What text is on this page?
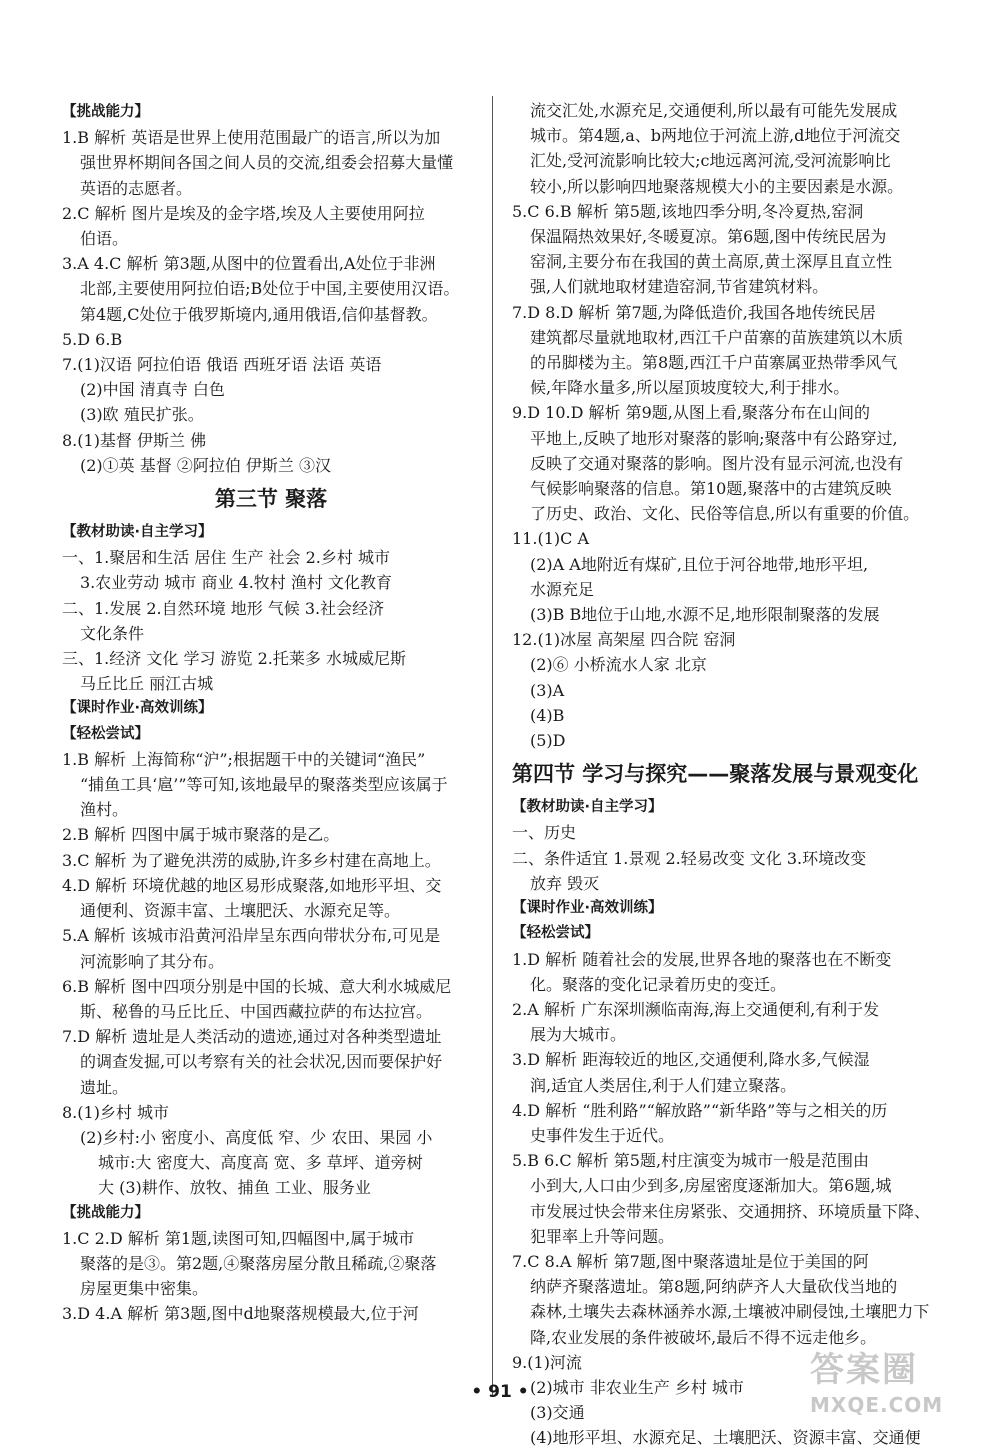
【挑战能力】
1.B 解析 英语是世界上使用范围最广的语言,所以为加
强世界杯期间各国之间人员的交流,组委会招募大量懂
英语的志愿者。
2.C 解析 图片是埃及的金字塔,埃及人主要使用阿拉
伯语。
3.A 4.C 解析 第3题,从图中的位置看出,A处位于非洲
北部,主要使用阿拉伯语;B处位于中国,主要使用汉语。
第4题,C处位于俄罗斯境内,通用俄语,信仰基督教。
5.D 6.B
7.(1)汉语 阿拉伯语 俄语 西班牙语 法语 英语
(2)中国 清真寺 白色
(3)欧 殖民扩张。
8.(1)基督 伊斯兰 佛
(2)①英 基督 ②阿拉伯 伊斯兰 ③汉
第三节 聚落
【教材助读·自主学习】
一、1.聚居和生活 居住 生产 社会 2.乡村 城市
3.农业劳动 城市 商业 4.牧村 渔村 文化教育
二、1.发展 2.自然环境 地形 气候 3.社会经济
文化条件
三、1.经济 文化 学习 游览 2.托莱多 水城威尼斯
马丘比丘 丽江古城
【课时作业·高效训练】
【轻松尝试】
1.B 解析 上海简称“沪”;根据题干中的关键词“渔民”
“捕鱼工具‘扈’”等可知,该地最早的聚落类型应该属于
渔村。
2.B 解析 四图中属于城市聚落的是乙。
3.C 解析 为了避免洪涝的威胁,许多乡村建在高地上。
4.D 解析 环境优越的地区易形成聚落,如地形平坦、交
通便利、资源丰富、土壤肥沃、水源充足等。
5.A 解析 该城市沿黄河沿岸呈东西向带状分布,可见是
河流影响了其分布。
6.B 解析 图中四项分别是中国的长城、意大利水城威尼
斯、秘鲁的马丘比丘、中国西藏拉萨的布达拉宫。
7.D 解析 遗址是人类活动的遗迹,通过对各种类型遗址
的调查发掘,可以考察有关的社会状况,因而要保护好
遗址。
8.(1)乡村 城市
(2)乡村:小 密度小、高度低 窄、少 农田、果园 小
城市:大 密度大、高度高 宽、多 草坪、道旁树
大 (3)耕作、放牧、捕鱼 工业、服务业
【挑战能力】
1.C 2.D 解析 第1题,读图可知,四幅图中,属于城市
聚落的是③。第2题,④聚落房屋分散且稀疏,②聚落
房屋更集中密集。
3.D 4.A 解析 第3题,图中d地聚落规模最大,位于河
流交汇处,水源充足,交通便利,所以最有可能先发展成
城市。第4题,a、b两地位于河流上游,d地位于河流交
汇处,受河流影响比较大;c地远离河流,受河流影响比
较小,所以影响四地聚落规模大小的主要因素是水源。
5.C 6.B 解析 第5题,该地四季分明,冬冷夏热,窑洞
保温隔热效果好,冬暖夏凉。第6题,图中传统民居为
窑洞,主要分布在我国的黄土高原,黄土深厚且直立性
强,人们就地取材建造窑洞,节省建筑材料。
7.D 8.D 解析 第7题,为降低造价,我国各地传统民居
建筑都尽量就地取材,西江千户苗寨的苗族建筑以木质
的吊脚楼为主。第8题,西江千户苗寨属亚热带季风气
候,年降水量多,所以屋顶坡度较大,利于排水。
9.D 10.D 解析 第9题,从图上看,聚落分布在山间的
平地上,反映了地形对聚落的影响;聚落中有公路穿过,
反映了交通对聚落的影响。图片没有显示河流,也没有
气候影响聚落的信息。第10题,聚落中的古建筑反映
了历史、政治、文化、民俗等信息,所以有重要的价值。
11.(1)C A
(2)A A地附近有煤矿,且位于河谷地带,地形平坦,
水源充足
(3)B B地位于山地,水源不足,地形限制聚落的发展
12.(1)冰屋 高架屋 四合院 窑洞
(2)⑥ 小桥流水人家 北京
(3)A
(4)B
(5)D
第四节 学习与探究——聚落发展与景观变化
【教材助读·自主学习】
一、历史
二、条件适宜 1.景观 2.轻易改变 文化 3.环境改变
放弃 毁灭
【课时作业·高效训练】
【轻松尝试】
1.D 解析 随着社会的发展,世界各地的聚落也在不断变
化。聚落的变化记录着历史的变迁。
2.A 解析 广东深圳濒临南海,海上交通便利,有利于发
展为大城市。
3.D 解析 距海较近的地区,交通便利,降水多,气候湿
润,适宜人类居住,利于人们建立聚落。
4.D 解析 “胜利路”“解放路”“新华路”等与之相关的历
史事件发生于近代。
5.B 6.C 解析 第5题,村庄演变为城市一般是范围由
小到大,人口由少到多,房屋密度逐渐加大。第6题,城
市发展过快会带来住房紧张、交通拥挤、环境质量下降、
犯罪率上升等问题。
7.C 8.A 解析 第7题,图中聚落遗址是位于美国的阿
纳萨齐聚落遗址。第8题,阿纳萨齐人大量砍伐当地的
森林,土壤失去森林涵养水源,土壤被冲刷侵蚀,土壤肥力下
降,农业发展的条件被破坏,最后不得不远走他乡。
9.(1)河流
(2)城市 非农业生产 乡村 城市
(3)交通
(4)地形平坦、水源充足、土壤肥沃、资源丰富、交通便
• 91 •
答案圈
MXQE.COM
